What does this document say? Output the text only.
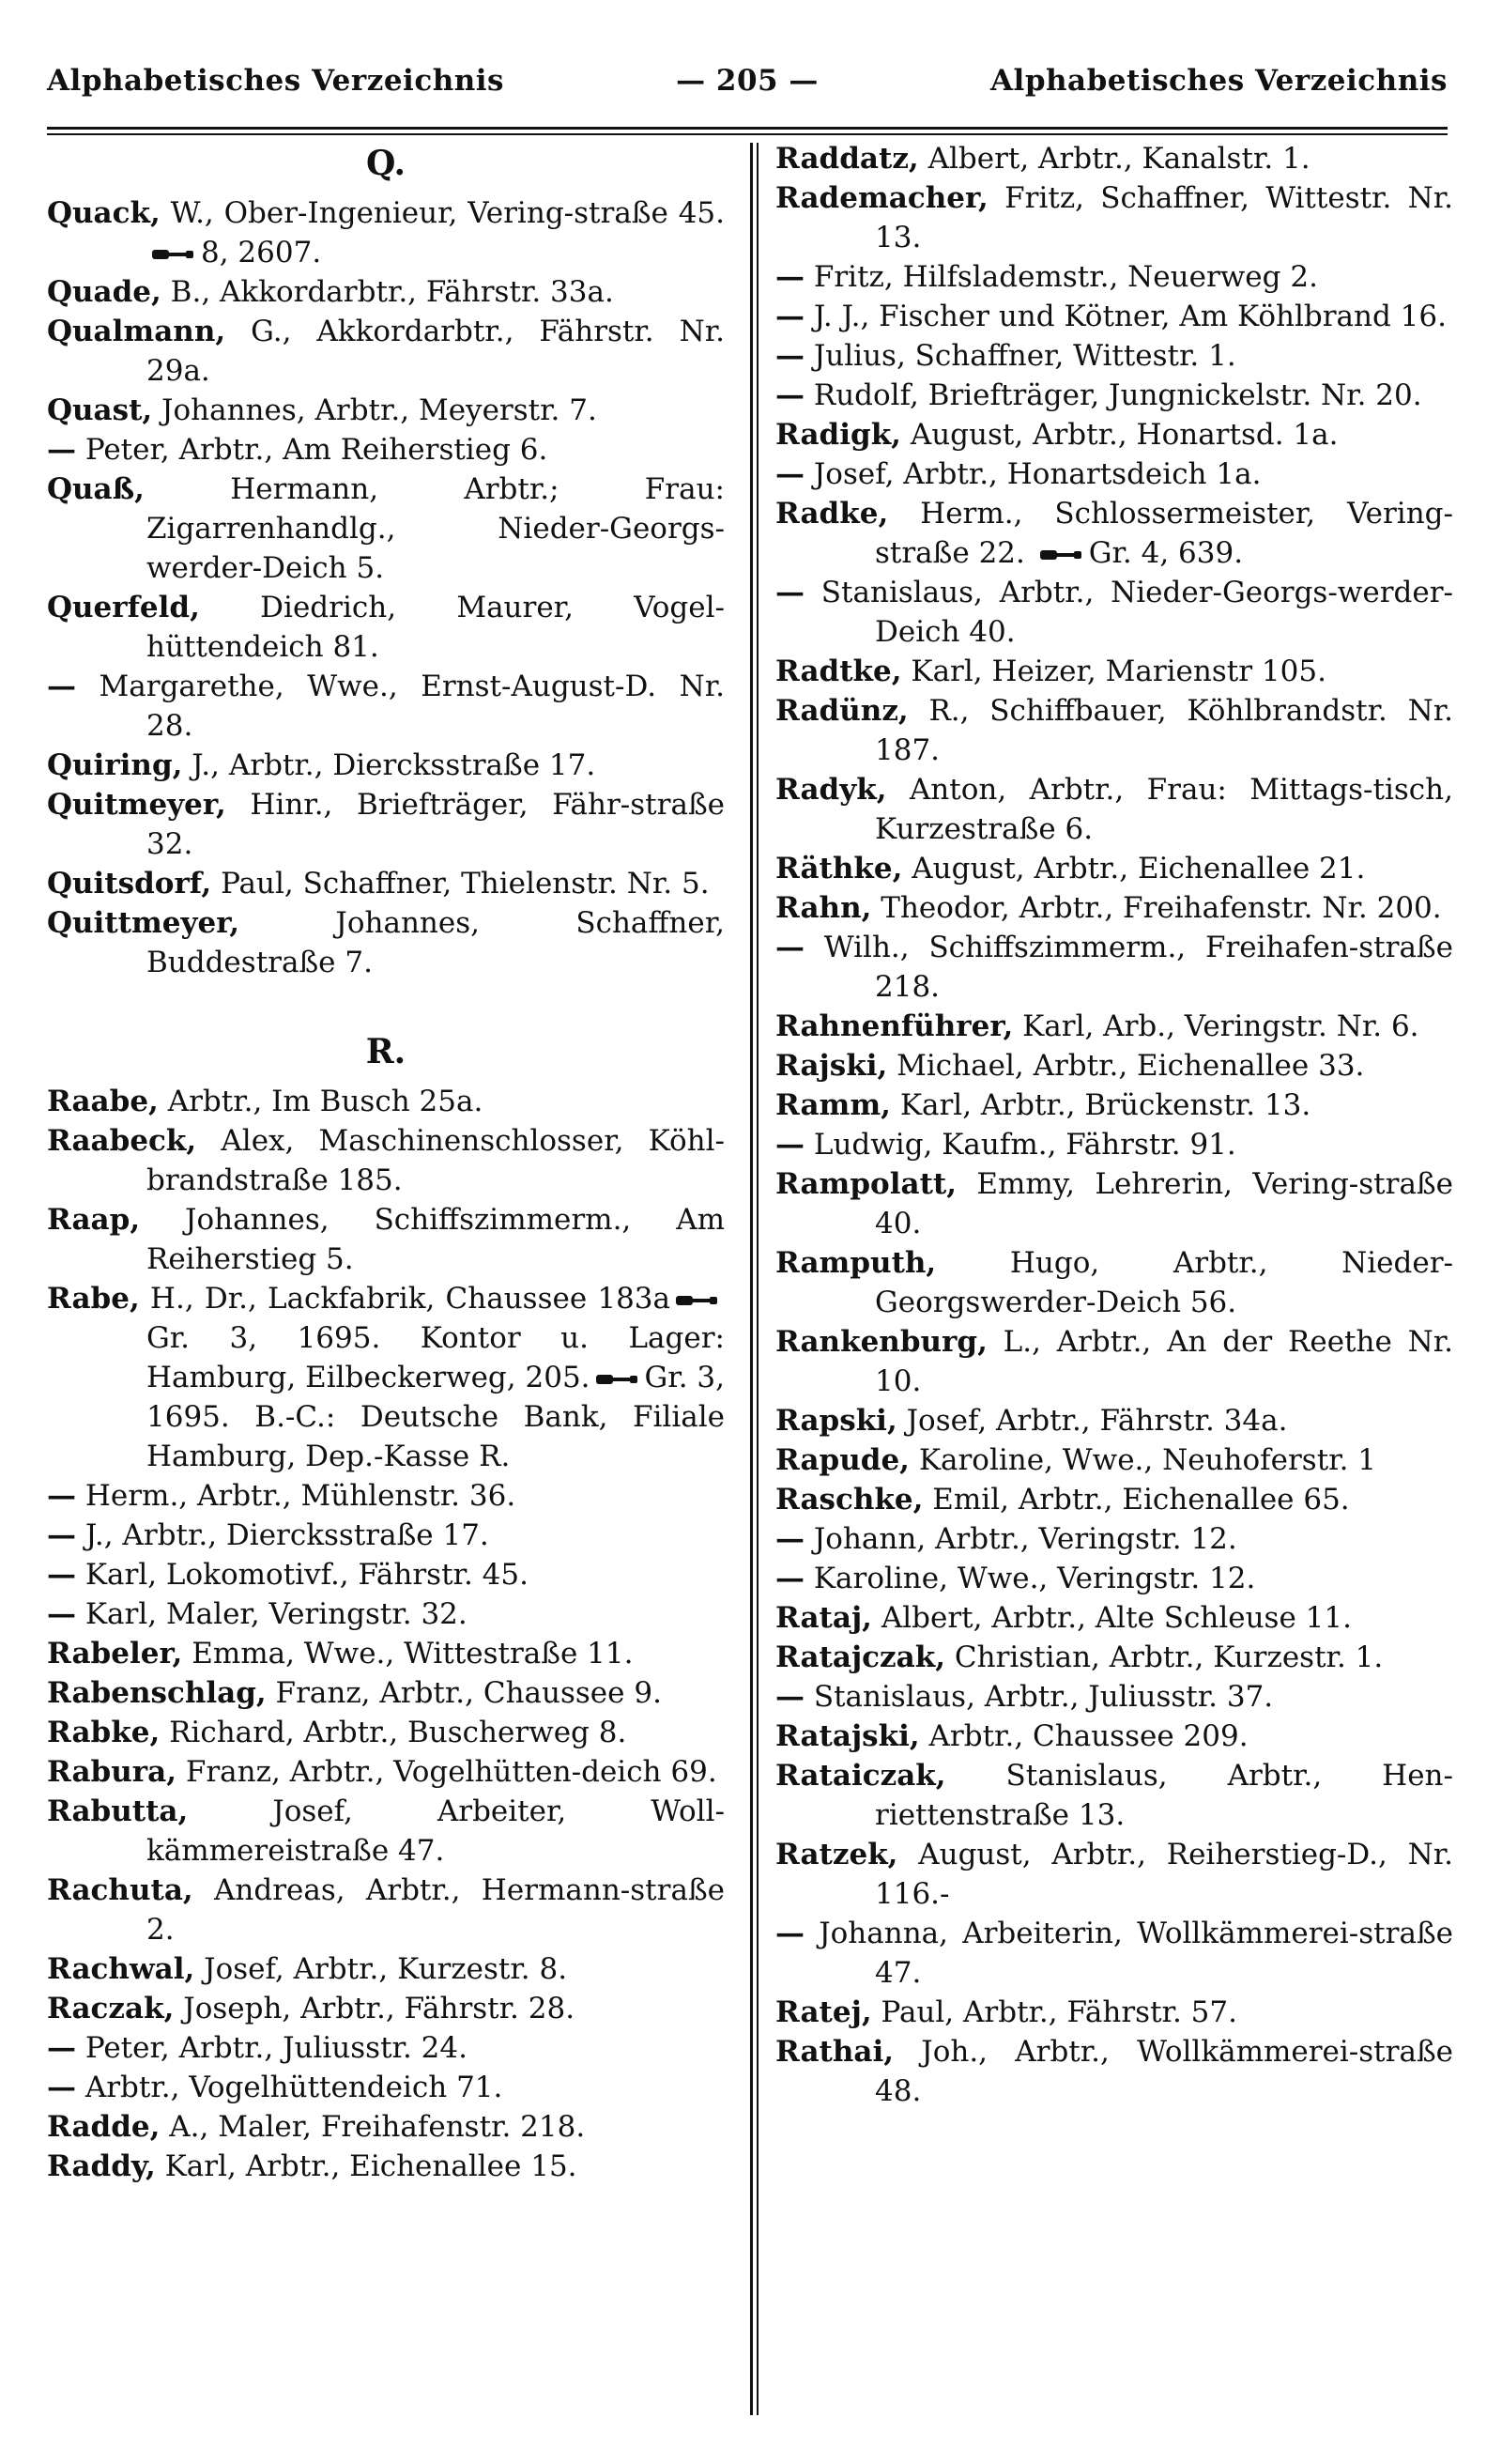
Alphabetisches Verzeichnis	— 205 —	Alphabetisches Verzeichnis
Q.

Quack, W., Ober-Ingenieur, Vering-straße 45. 8, 2607.

Quade, B., Akkordarbtr., Fährstr. 33a.

Qualmann, G., Akkordarbtr., Fährstr. Nr. 29a.

Quast, Johannes, Arbtr., Meyerstr. 7.

— Peter, Arbtr., Am Reiherstieg 6.

Quaß, Hermann, Arbtr.; Frau: Zigarrenhandlg., Nieder-Georgs-werder-Deich 5.

Querfeld, Diedrich, Maurer, Vogel-hüttendeich 81.

— Margarethe, Wwe., Ernst-August-D. Nr. 28.

Quiring, J., Arbtr., Diercksstraße 17.

Quitmeyer, Hinr., Briefträger, Fähr-straße 32.

Quitsdorf, Paul, Schaffner, Thielenstr. Nr. 5.

Quittmeyer, Johannes, Schaffner, Buddestraße 7.

R.

Raabe, Arbtr., Im Busch 25a.

Raabeck, Alex, Maschinenschlosser, Köhl-brandstraße 185.

Raap, Johannes, Schiffszimmerm., Am Reiherstieg 5.

Rabe, H., Dr., Lackfabrik, Chaussee 183aGr. 3, 1695. Kontor u. Lager: Hamburg, Eilbeckerweg, 205. Gr. 3, 1695. B.-C.: Deutsche Bank, Filiale Hamburg, Dep.-Kasse R.

— Herm., Arbtr., Mühlenstr. 36.

— J., Arbtr., Diercksstraße 17.

— Karl, Lokomotivf., Fährstr. 45.

— Karl, Maler, Veringstr. 32.

Rabeler, Emma, Wwe., Wittestraße 11.

Rabenschlag, Franz, Arbtr., Chaussee 9.

Rabke, Richard, Arbtr., Buscherweg 8.

Rabura, Franz, Arbtr., Vogelhütten-deich 69.

Rabutta, Josef, Arbeiter, Woll-kämmereistraße 47.

Rachuta, Andreas, Arbtr., Hermann-straße 2.

Rachwal, Josef, Arbtr., Kurzestr. 8.

Raczak, Joseph, Arbtr., Fährstr. 28.

— Peter, Arbtr., Juliusstr. 24.

— Arbtr., Vogelhüttendeich 71.

Radde, A., Maler, Freihafenstr. 218.

Raddy, Karl, Arbtr., Eichenallee 15.

Raddatz, Albert, Arbtr., Kanalstr. 1.

Rademacher, Fritz, Schaffner, Wittestr. Nr. 13.

— Fritz, Hilfslademstr., Neuerweg 2.

— J. J., Fischer und Kötner, Am Köhlbrand 16.

— Julius, Schaffner, Wittestr. 1.

— Rudolf, Briefträger, Jungnickelstr. Nr. 20.

Radigk, August, Arbtr., Honartsd. 1a.

— Josef, Arbtr., Honartsdeich 1a.

Radke, Herm., Schlossermeister, Vering-straße 22. Gr. 4, 639.

— Stanislaus, Arbtr., Nieder-Georgs-werder-Deich 40.

Radtke, Karl, Heizer, Marienstr 105.

Radünz, R., Schiffbauer, Köhlbrandstr. Nr. 187.

Radyk, Anton, Arbtr., Frau: Mittags-tisch, Kurzestraße 6.

Räthke, August, Arbtr., Eichenallee 21.

Rahn, Theodor, Arbtr., Freihafenstr. Nr. 200.

— Wilh., Schiffszimmerm., Freihafen-straße 218.

Rahnenführer, Karl, Arb., Veringstr. Nr. 6.

Rajski, Michael, Arbtr., Eichenallee 33.

Ramm, Karl, Arbtr., Brückenstr. 13.

— Ludwig, Kaufm., Fährstr. 91.

Rampolatt, Emmy, Lehrerin, Vering-straße 40.

Ramputh, Hugo, Arbtr., Nieder-Georgswerder-Deich 56.

Rankenburg, L., Arbtr., An der Reethe Nr. 10.

Rapski, Josef, Arbtr., Fährstr. 34a.

Rapude, Karoline, Wwe., Neuhoferstr. 1

Raschke, Emil, Arbtr., Eichenallee 65.

— Johann, Arbtr., Veringstr. 12.

— Karoline, Wwe., Veringstr. 12.

Rataj, Albert, Arbtr., Alte Schleuse 11.

Ratajczak, Christian, Arbtr., Kurzestr. 1.

— Stanislaus, Arbtr., Juliusstr. 37.

Ratajski, Arbtr., Chaussee 209.

Rataiczak, Stanislaus, Arbtr., Hen-riettenstraße 13.

Ratzek, August, Arbtr., Reiherstieg-D., Nr. 116.-

— Johanna, Arbeiterin, Wollkämmerei-straße 47.

Ratej, Paul, Arbtr., Fährstr. 57.

Rathai, Joh., Arbtr., Wollkämmerei-straße 48.
